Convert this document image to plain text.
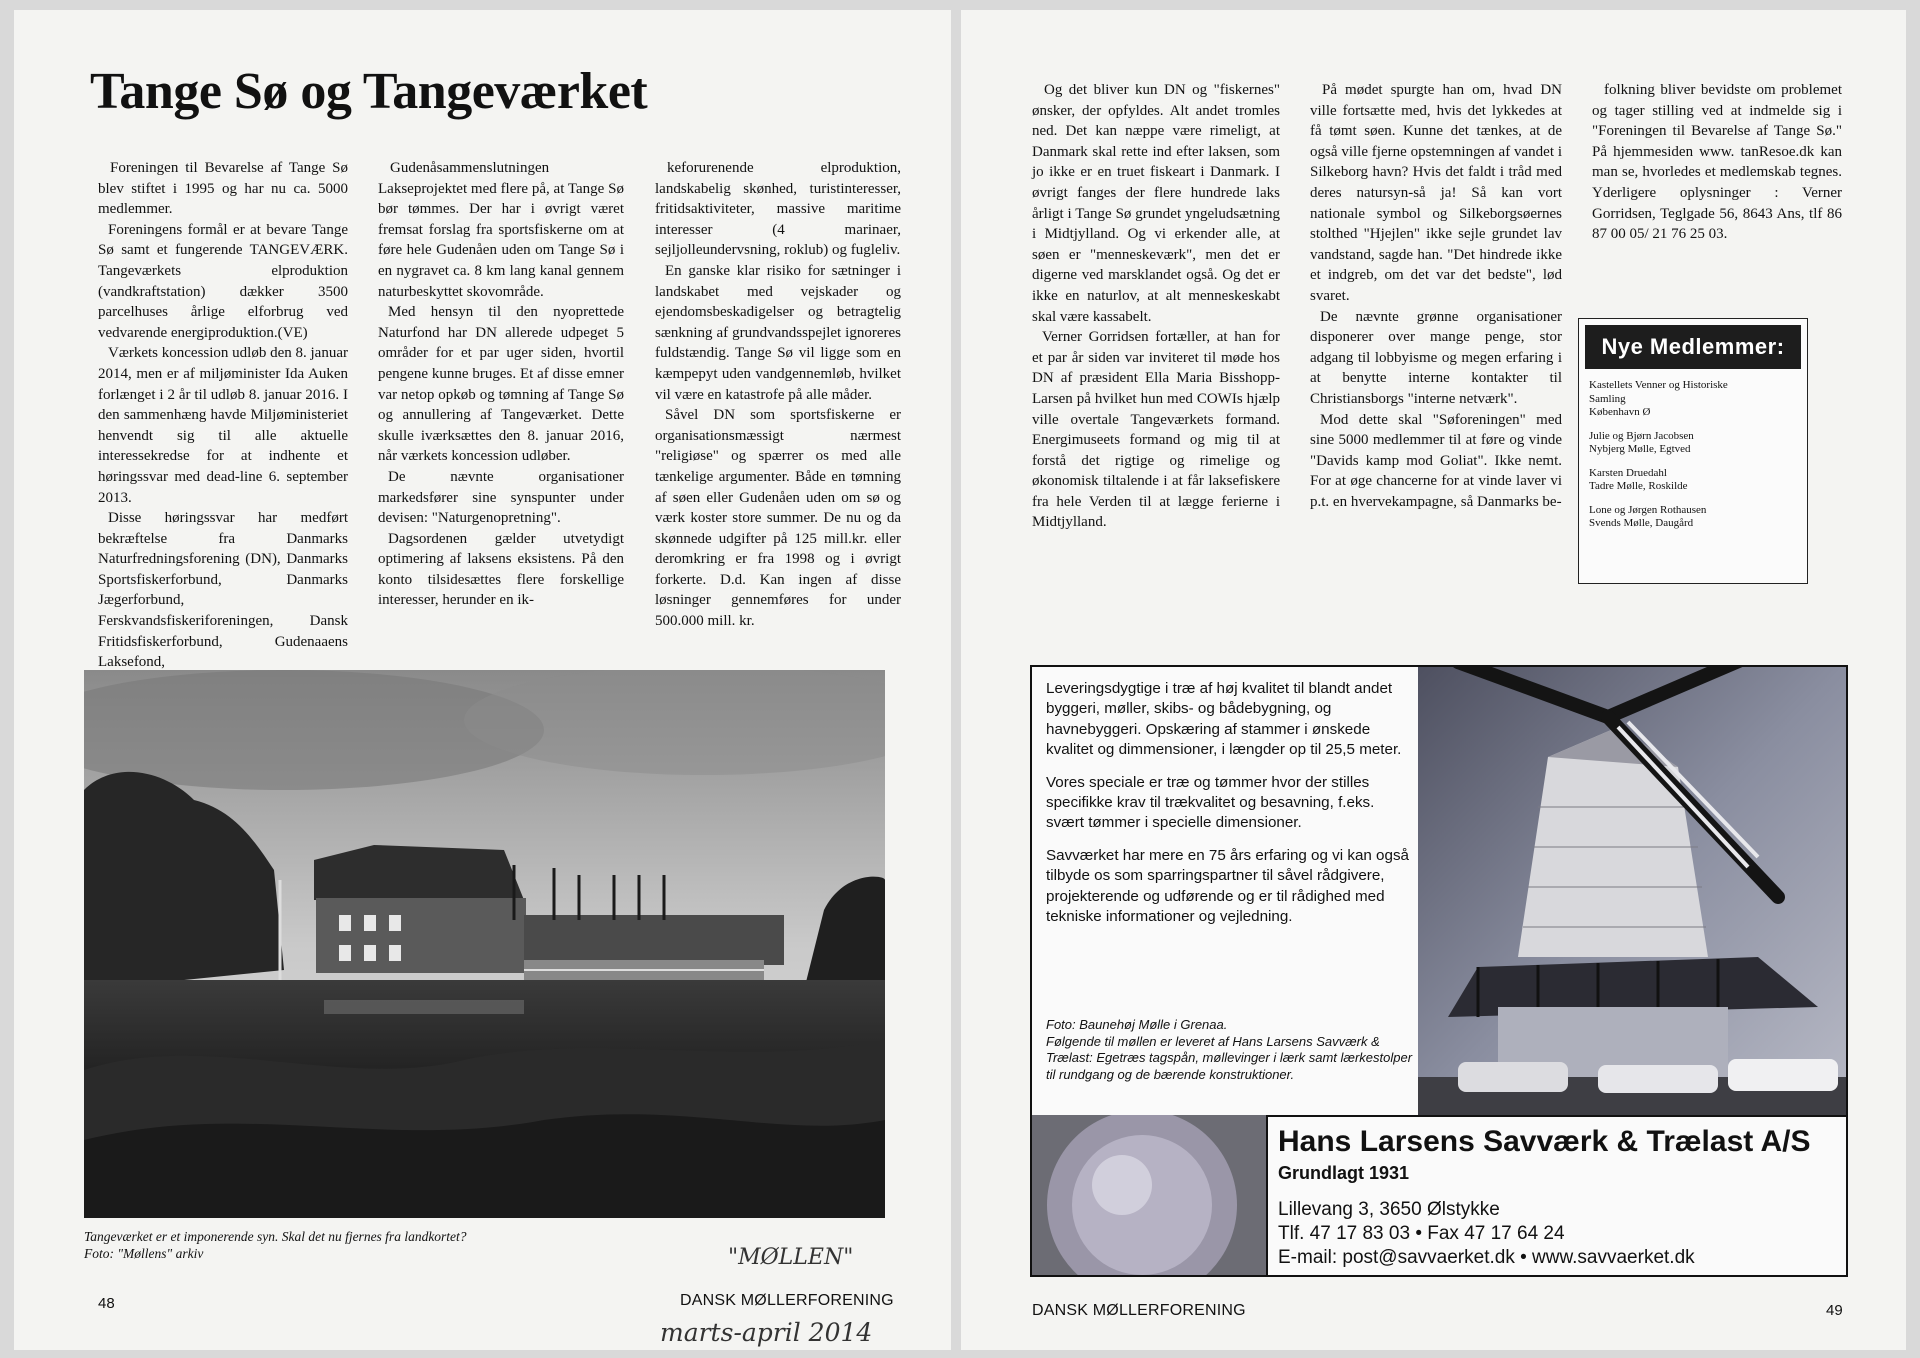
Tange Sø og Tangeværket

Foreningen til Bevarelse af Tange Sø blev stiftet i 1995 og har nu ca. 5000 medlemmer.

Foreningens formål er at bevare Tange Sø samt et fungerende TANGEVÆRK. Tangeværkets elproduktion (vandkraftstation) dækker 3500 parcelhuses årlige elforbrug ved vedvarende energiproduktion.(VE)

Værkets koncession udløb den 8. januar 2014, men er af miljøminister Ida Auken forlænget i 2 år til udløb 8. januar 2016. I den sammenhæng havde Miljøministeriet henvendt sig til alle aktuelle interessekredse for at indhente et høringssvar med dead-line 6. september 2013.

Disse høringssvar har medført bekræftelse fra Danmarks Naturfredningsforening (DN), Danmarks Sportsfiskerforbund, Danmarks Jægerforbund, Ferskvandsfiskeriforeningen, Dansk Fritidsfiskerforbund, Gudenaaens Laksefond,

Gudenåsammenslutningen Lakseprojektet med flere på, at Tange Sø bør tømmes. Der har i øvrigt været fremsat forslag fra sportsfiskerne om at føre hele Gudenåen uden om Tange Sø i en nygravet ca. 8 km lang kanal gennem naturbeskyttet skovområde.

Med hensyn til den nyoprettede Naturfond har DN allerede udpeget 5 områder for et par uger siden, hvortil pengene kunne bruges. Et af disse emner var netop opkøb og tømning af Tange Sø og annullering af Tangeværket. Dette skulle iværksættes den 8. januar 2016, når værkets koncession udløber.

De nævnte organisationer markedsfører sine synspunter under devisen: "Naturgenopretning".

Dagsordenen gælder utvetydigt optimering af laksens eksistens. På den konto tilsidesættes flere forskellige interesser, herunder en ik-

keforurenende elproduktion, landskabelig skønhed, turistinteresser, fritidsaktiviteter, massive maritime interesser (4 marinaer, sejljolleundervsning, roklub) og fugleliv.

En ganske klar risiko for sætninger i landskabet med vejskader og ejendomsbeskadigelser og betragtelig sænkning af grundvandsspejlet ignoreres fuldstændig. Tange Sø vil ligge som en kæmpepyt uden vandgennemløb, hvilket vil være en katastrofe på alle måder.

Såvel DN som sportsfiskerne er organisationsmæssigt nærmest "religiøse" og spærrer os med alle tænkelige argumenter. Både en tømning af søen eller Gudenåen uden om sø og værk koster store summer. De nu og da skønnede udgifter på 125 mill.kr. eller deromkring er fra 1998 og i øvrigt forkerte. D.d. Kan ingen af disse løsninger gennemføres for under 500.000 mill. kr.

Tangeværket er et imponerende syn. Skal det nu fjernes fra landkortet?
Foto: "Møllens" arkiv
48	DANSK MØLLERFORENING
"MØLLEN"
marts-april 2014

Og det bliver kun DN og "fiskernes" ønsker, der opfyldes. Alt andet tromles ned. Det kan næppe være rimeligt, at Danmark skal rette ind efter laksen, som jo ikke er en truet fiskeart i Danmark. I øvrigt fanges der flere hundrede laks årligt i Tange Sø grundet yngeludsætning i Midtjylland. Og vi erkender alle, at søen er "menneskeværk", men det er digerne ved marsklandet også. Og det er ikke en naturlov, at alt menneskeskabt skal være kassabelt.

Verner Gorridsen fortæller, at han for et par år siden var inviteret til møde hos DN af præsident Ella Maria Bisshopp-Larsen på hvilket hun med COWIs hjælp ville overtale Tangeværkets formand. Energimuseets formand og mig til at forstå det rigtige og rimelige og økonomisk tiltalende i at får laksefiskere fra hele Verden til at lægge ferierne i Midtjylland.

På mødet spurgte han om, hvad DN ville fortsætte med, hvis det lykkedes at få tømt søen. Kunne det tænkes, at de også ville fjerne opstemningen af vandet i Silkeborg havn? Hvis det faldt i tråd med deres natursyn-så ja! Så kan vort nationale symbol og Silkeborgsøernes stolthed "Hjejlen" ikke sejle grundet lav vandstand, sagde han. "Det hindrede ikke et indgreb, om det var det bedste", lød svaret.

De nævnte grønne organisationer disponerer over mange penge, stor adgang til lobbyisme og megen erfaring i at benytte interne kontakter til Christiansborgs "interne netværk".

Mod dette skal "Søforeningen" med sine 5000 medlemmer til at føre og vinde "Davids kamp mod Goliat". Ikke nemt. For at øge chancerne for at vinde laver vi p.t. en hvervekampagne, så Danmarks be-

folkning bliver bevidste om problemet og tager stilling ved at indmelde sig i "Foreningen til Bevarelse af Tange Sø." På hjemmesiden www. tanResoe.dk kan man se, hvorledes et medlemskab tegnes. Yderligere oplysninger : Verner Gorridsen, Teglgade 56, 8643 Ans, tlf 86 87 00 05/ 21 76 25 03.

Nye Medlemmer:
Kastellets Venner og Historiske
Samling
København Ø
Julie og Bjørn Jacobsen
Nybjerg Mølle, Egtved
Karsten Druedahl
Tadre Mølle, Roskilde
Lone og Jørgen Rothausen
Svends Mølle, Daugård

Leveringsdygtige i træ af høj kvalitet til blandt andet byggeri, møller, skibs- og bådebygning, og havnebyggeri. Opskæring af stammer i ønskede kvalitet og dimmensioner, i længder op til 25,5 meter.

Vores speciale er træ og tømmer hvor der stilles specifikke krav til trækvalitet og besavning, f.eks. svært tømmer i specielle dimensioner.

Savværket har mere en 75 års erfaring og vi kan også tilbyde os som sparringspartner til såvel rådgivere, projekterende og udførende og er til rådighed med tekniske informationer og vejledning.

Foto: Baunehøj Mølle i Grenaa.
Følgende til møllen er leveret af Hans Larsens Savværk & Trælast: Egetræs tagspån, møllevinger i lærk samt lærkestolper til rundgang og de bærende konstruktioner.
Hans Larsens Savværk & Trælast A/S
Grundlagt 1931
Lillevang 3, 3650 Ølstykke
Tlf. 47 17 83 03 • Fax 47 17 64 24
E-mail: post@savvaerket.dk • www.savvaerket.dk
DANSK MØLLERFORENING	49
